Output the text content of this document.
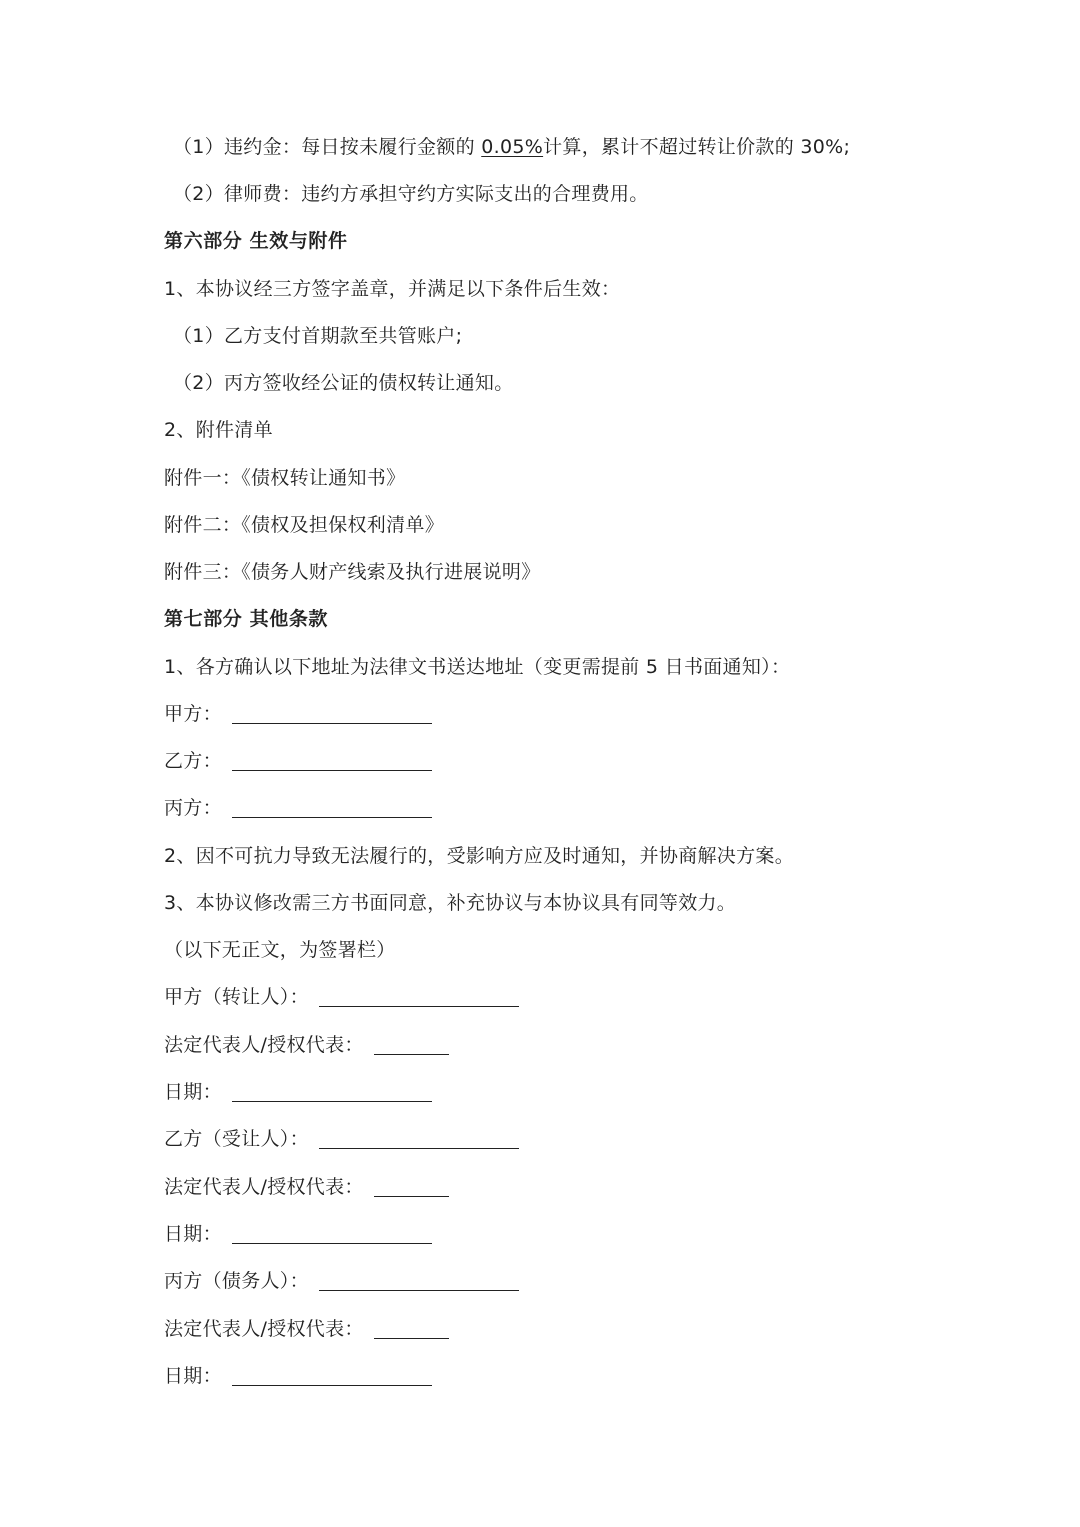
（1）违约金：每日按未履行金额的 0.05%计算，累计不超过转让价款的 30%;
（2）律师费：违约方承担守约方实际支出的合理费用。
第六部分 生效与附件
1、本协议经三方签字盖章，并满足以下条件后生效：
（1）乙方支付首期款至共管账户;
（2）丙方签收经公证的债权转让通知。
2、附件清单
附件一：《债权转让通知书》
附件二：《债权及担保权利清单》
附件三：《债务人财产线索及执行进展说明》
第七部分 其他条款
1、各方确认以下地址为法律文书送达地址（变更需提前 5 日书面通知）：
甲方：
乙方：
丙方：
2、因不可抗力导致无法履行的，受影响方应及时通知，并协商解决方案。
3、本协议修改需三方书面同意，补充协议与本协议具有同等效力。
（以下无正文，为签署栏）
甲方（转让人）：
法定代表人/授权代表：
日期：
乙方（受让人）：
法定代表人/授权代表：
日期：
丙方（债务人）：
法定代表人/授权代表：
日期：
